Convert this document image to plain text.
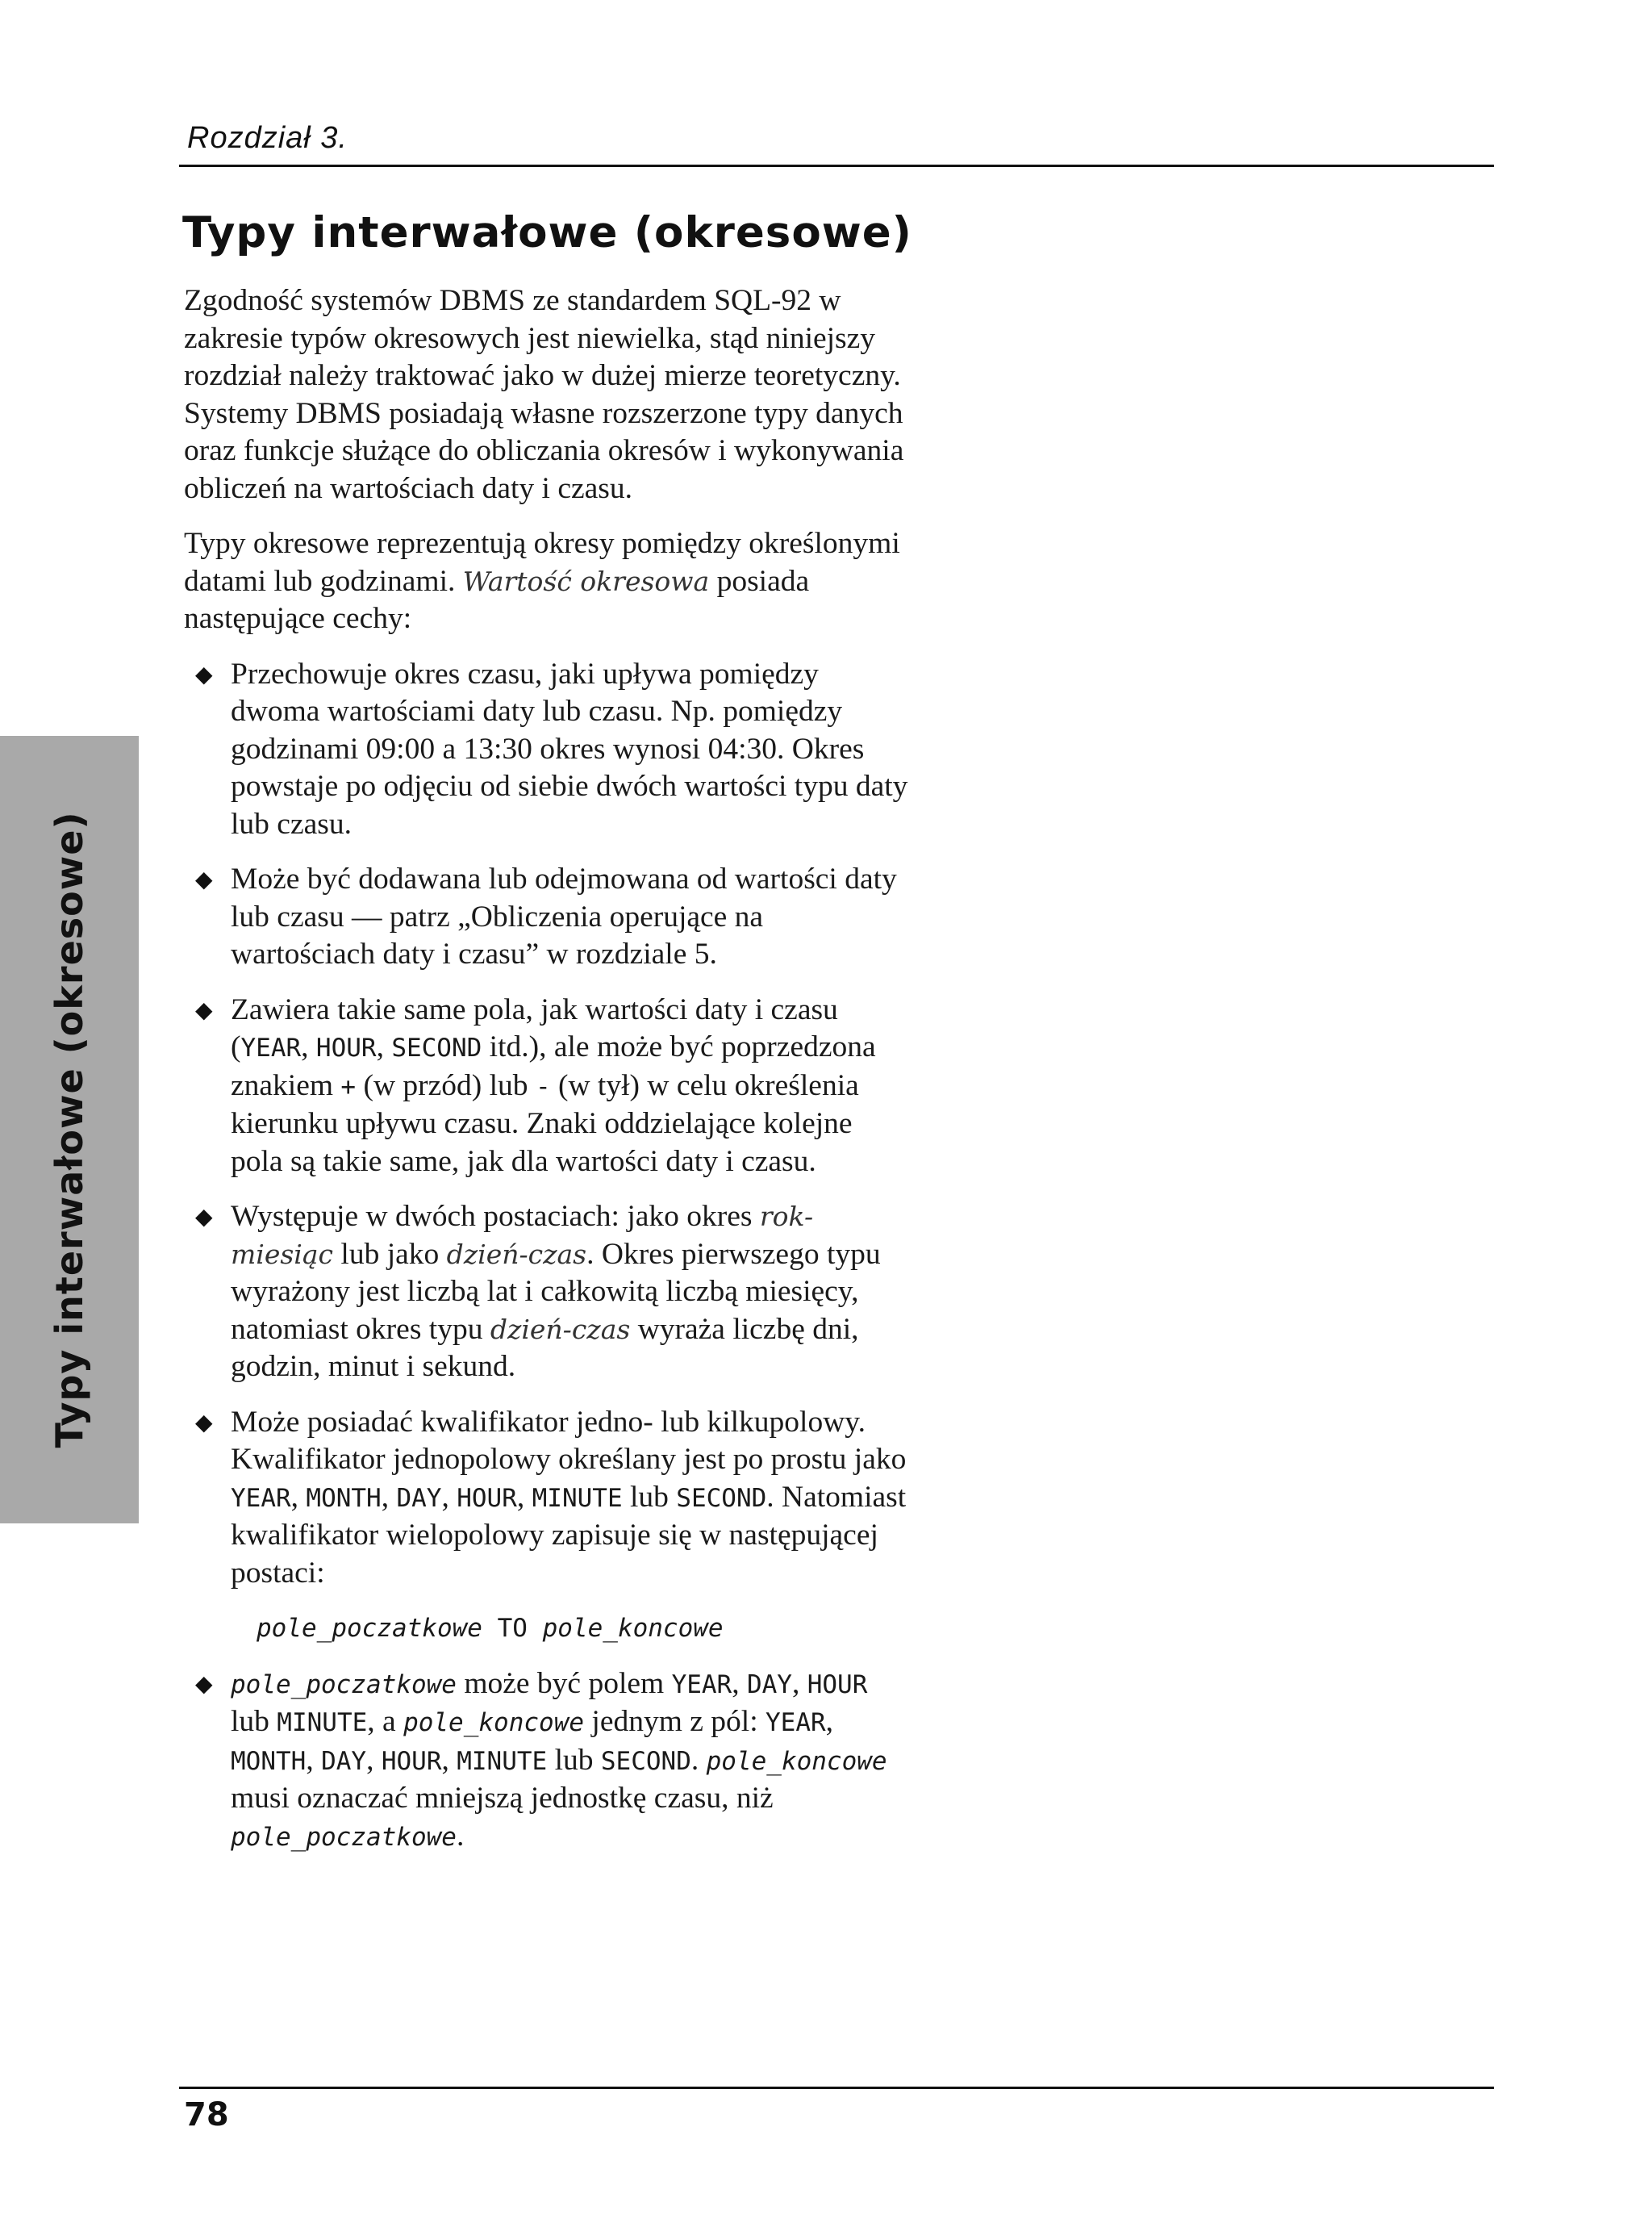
Rozdział 3.
Typy interwałowe (okresowe)
Typy interwałowe (okresowe)

Zgodność systemów DBMS ze standardem SQL-92 w zakresie typów okresowych jest niewielka, stąd niniejszy rozdział należy traktować jako w dużej mierze teoretyczny. Systemy DBMS posiadają własne rozszerzone typy danych oraz funkcje służące do obliczania okresów i wykonywania obliczeń na wartościach daty i czasu.

Typy okresowe reprezentują okresy pomiędzy określonymi datami lub godzinami. Wartość okresowa posiada następujące cechy:

◆ Przechowuje okres czasu, jaki upływa pomiędzy dwoma wartościami daty lub czasu. Np. pomiędzy godzinami 09:00 a 13:30 okres wynosi 04:30. Okres powstaje po odjęciu od siebie dwóch wartości typu daty lub czasu.
◆ Może być dodawana lub odejmowana od wartości daty lub czasu — patrz „Obliczenia operujące na wartościach daty i czasu” w rozdziale 5.
◆ Zawiera takie same pola, jak wartości daty i czasu (YEAR, HOUR, SECOND itd.), ale może być poprzedzona znakiem + (w przód) lub - (w tył) w celu określenia kierunku upływu czasu. Znaki oddzielające kolejne pola są takie same, jak dla wartości daty i czasu.
◆ Występuje w dwóch postaciach: jako okres rok-miesiąc lub jako dzień-czas. Okres pierwszego typu wyrażony jest liczbą lat i całkowitą liczbą miesięcy, natomiast okres typu dzień-czas wyraża liczbę dni, godzin, minut i sekund.
◆ Może posiadać kwalifikator jedno- lub kilkupolowy. Kwalifikator jednopolowy określany jest po prostu jako YEAR, MONTH, DAY, HOUR, MINUTE lub SECOND. Natomiast kwalifikator wielopolowy zapisuje się w następującej postaci:
pole_poczatkowe TO pole_koncowe
◆ pole_poczatkowe może być polem YEAR, DAY, HOUR lub MINUTE, a pole_koncowe jednym z pól: YEAR, MONTH, DAY, HOUR, MINUTE lub SECOND. pole_koncowe musi oznaczać mniejszą jednostkę czasu, niż pole_poczatkowe.
78
